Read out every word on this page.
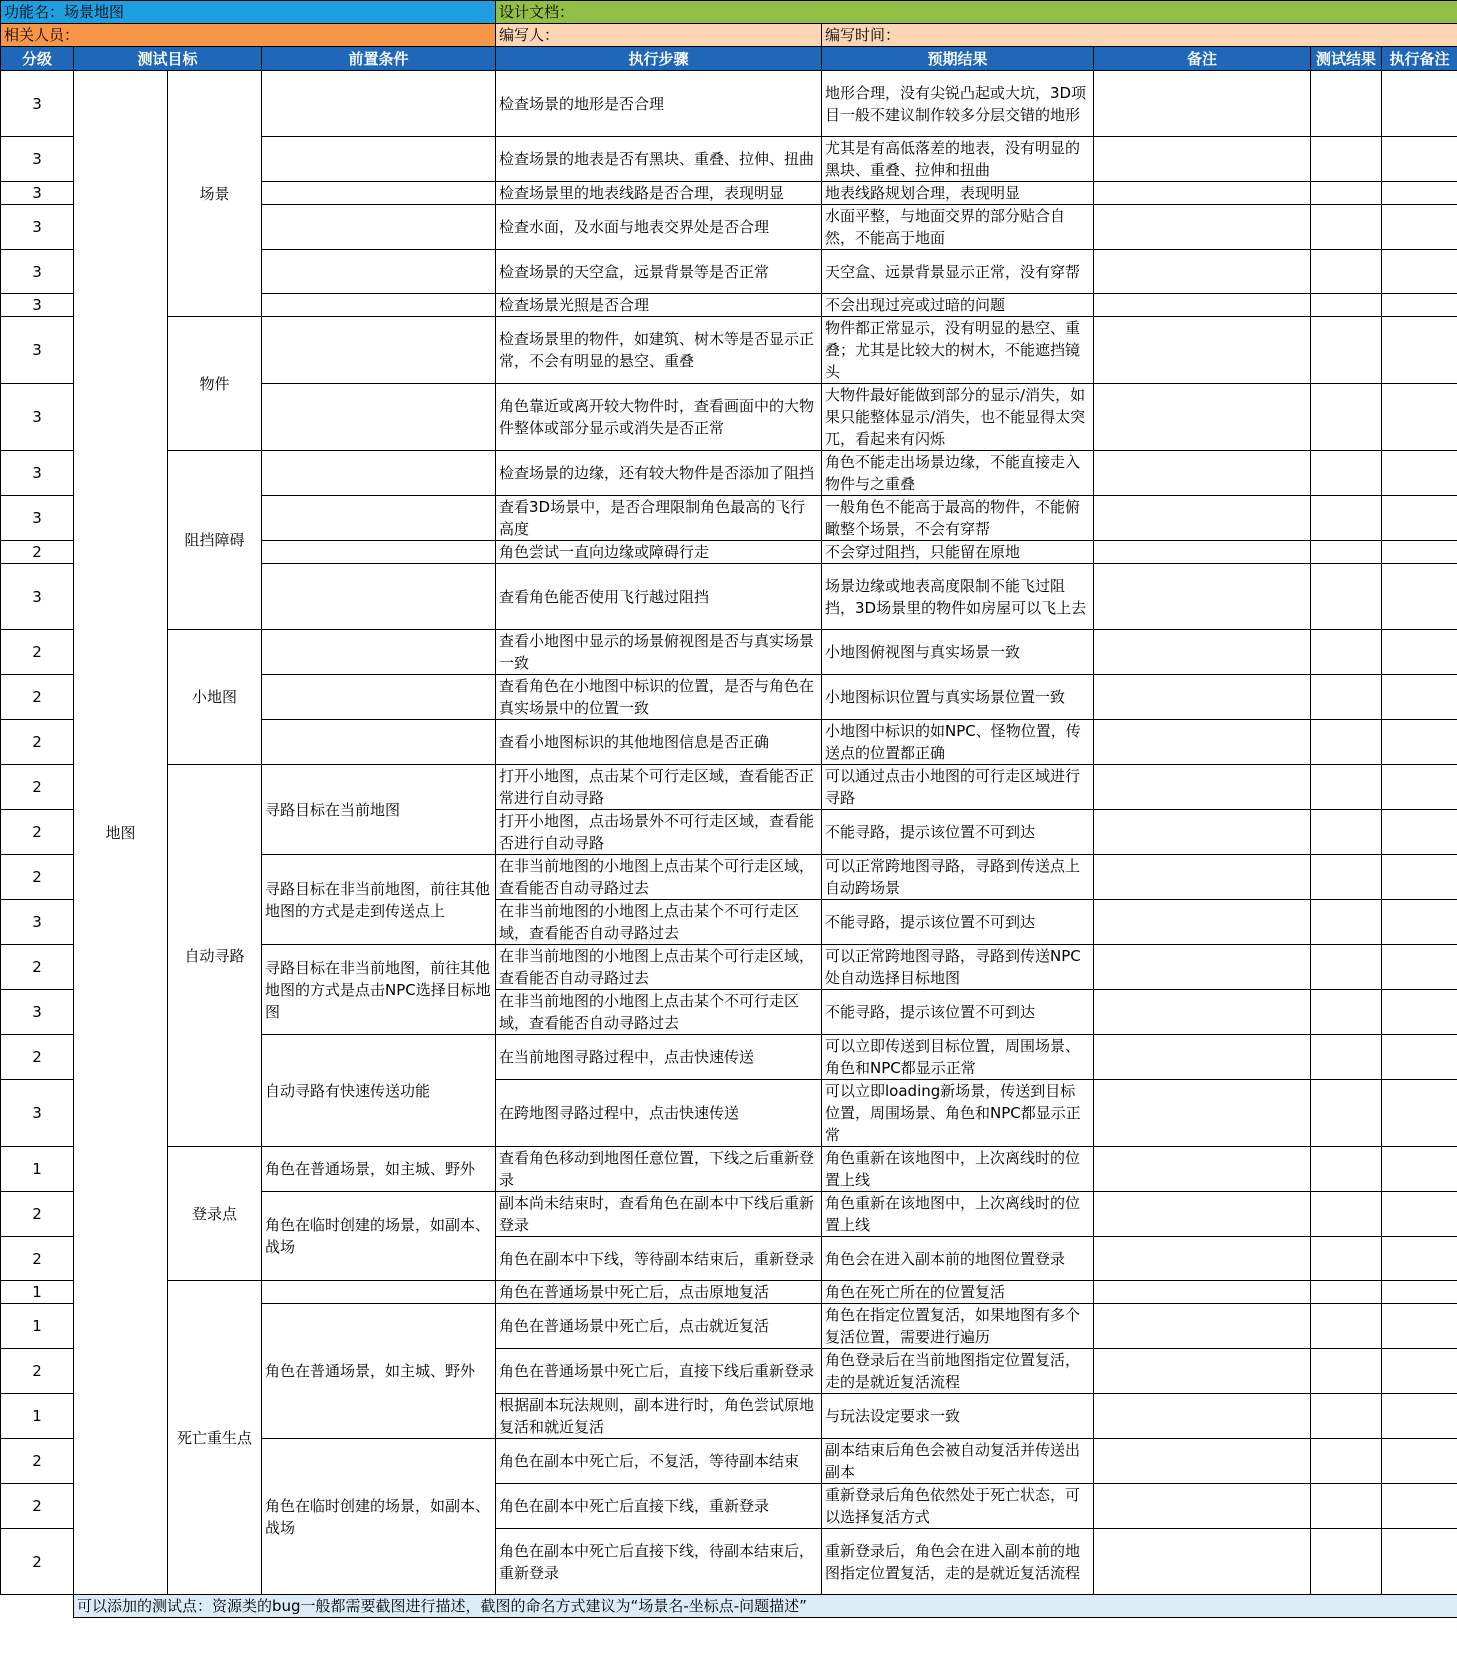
功能名：场景地图				设计文档：				
相关人员：				编写人：	编写时间：			
分级	测试目标		前置条件	执行步骤	预期结果	备注	测试结果	执行备注
3	地图	场景		检查场景的地形是否合理	地形合理，没有尖锐凸起或大坑，3D项目一般不建议制作较多分层交错的地形			
3				检查场景的地表是否有黑块、重叠、拉伸、扭曲	尤其是有高低落差的地表，没有明显的黑块、重叠、拉伸和扭曲			
3				检查场景里的地表线路是否合理，表现明显	地表线路规划合理，表现明显			
3				检查水面，及水面与地表交界处是否合理	水面平整，与地面交界的部分贴合自然，不能高于地面			
3				检查场景的天空盒，远景背景等是否正常	天空盒、远景背景显示正常，没有穿帮			
3				检查场景光照是否合理	不会出现过亮或过暗的问题			
3		物件		检查场景里的物件，如建筑、树木等是否显示正常，不会有明显的悬空、重叠	物件都正常显示，没有明显的悬空、重叠；尤其是比较大的树木，不能遮挡镜头			
3				角色靠近或离开较大物件时，查看画面中的大物件整体或部分显示或消失是否正常	大物件最好能做到部分的显示/消失，如果只能整体显示/消失，也不能显得太突兀，看起来有闪烁			
3		阻挡障碍		检查场景的边缘，还有较大物件是否添加了阻挡	角色不能走出场景边缘，不能直接走入物件与之重叠			
3				查看3D场景中，是否合理限制角色最高的飞行高度	一般角色不能高于最高的物件，不能俯瞰整个场景，不会有穿帮			
2				角色尝试一直向边缘或障碍行走	不会穿过阻挡，只能留在原地			
3				查看角色能否使用飞行越过阻挡	场景边缘或地表高度限制不能飞过阻挡，3D场景里的物件如房屋可以飞上去			
2		小地图		查看小地图中显示的场景俯视图是否与真实场景一致	小地图俯视图与真实场景一致			
2				查看角色在小地图中标识的位置，是否与角色在真实场景中的位置一致	小地图标识位置与真实场景位置一致			
2				查看小地图标识的其他地图信息是否正确	小地图中标识的如NPC、怪物位置，传送点的位置都正确			
2		自动寻路	寻路目标在当前地图	打开小地图，点击某个可行走区域，查看能否正常进行自动寻路	可以通过点击小地图的可行走区域进行寻路			
2				打开小地图，点击场景外不可行走区域，查看能否进行自动寻路	不能寻路，提示该位置不可到达			
2			寻路目标在非当前地图，前往其他地图的方式是走到传送点上	在非当前地图的小地图上点击某个可行走区域，查看能否自动寻路过去	可以正常跨地图寻路，寻路到传送点上自动跨场景			
3				在非当前地图的小地图上点击某个不可行走区域，查看能否自动寻路过去	不能寻路，提示该位置不可到达			
2			寻路目标在非当前地图，前往其他地图的方式是点击NPC选择目标地图	在非当前地图的小地图上点击某个可行走区域，查看能否自动寻路过去	可以正常跨地图寻路，寻路到传送NPC处自动选择目标地图			
3				在非当前地图的小地图上点击某个不可行走区域，查看能否自动寻路过去	不能寻路，提示该位置不可到达			
2			自动寻路有快速传送功能	在当前地图寻路过程中，点击快速传送	可以立即传送到目标位置，周围场景、角色和NPC都显示正常			
3				在跨地图寻路过程中，点击快速传送	可以立即loading新场景，传送到目标位置，周围场景、角色和NPC都显示正常			
1		登录点	角色在普通场景，如主城、野外	查看角色移动到地图任意位置，下线之后重新登录	角色重新在该地图中，上次离线时的位置上线			
2			角色在临时创建的场景，如副本、战场	副本尚未结束时，查看角色在副本中下线后重新登录	角色重新在该地图中，上次离线时的位置上线			
2				角色在副本中下线，等待副本结束后，重新登录	角色会在进入副本前的地图位置登录			
1		死亡重生点		角色在普通场景中死亡后，点击原地复活	角色在死亡所在的位置复活			
1			角色在普通场景，如主城、野外	角色在普通场景中死亡后，点击就近复活	角色在指定位置复活，如果地图有多个复活位置，需要进行遍历			
2				角色在普通场景中死亡后，直接下线后重新登录	角色登录后在当前地图指定位置复活，走的是就近复活流程			
1				根据副本玩法规则，副本进行时，角色尝试原地复活和就近复活	与玩法设定要求一致			
2			角色在临时创建的场景，如副本、战场	角色在副本中死亡后，不复活，等待副本结束	副本结束后角色会被自动复活并传送出副本			
2				角色在副本中死亡后直接下线，重新登录	重新登录后角色依然处于死亡状态，可以选择复活方式			
2				角色在副本中死亡后直接下线，待副本结束后，重新登录	重新登录后，角色会在进入副本前的地图指定位置复活，走的是就近复活流程			
	可以添加的测试点：资源类的bug一般都需要截图进行描述，截图的命名方式建议为“场景名-坐标点-问题描述”							
